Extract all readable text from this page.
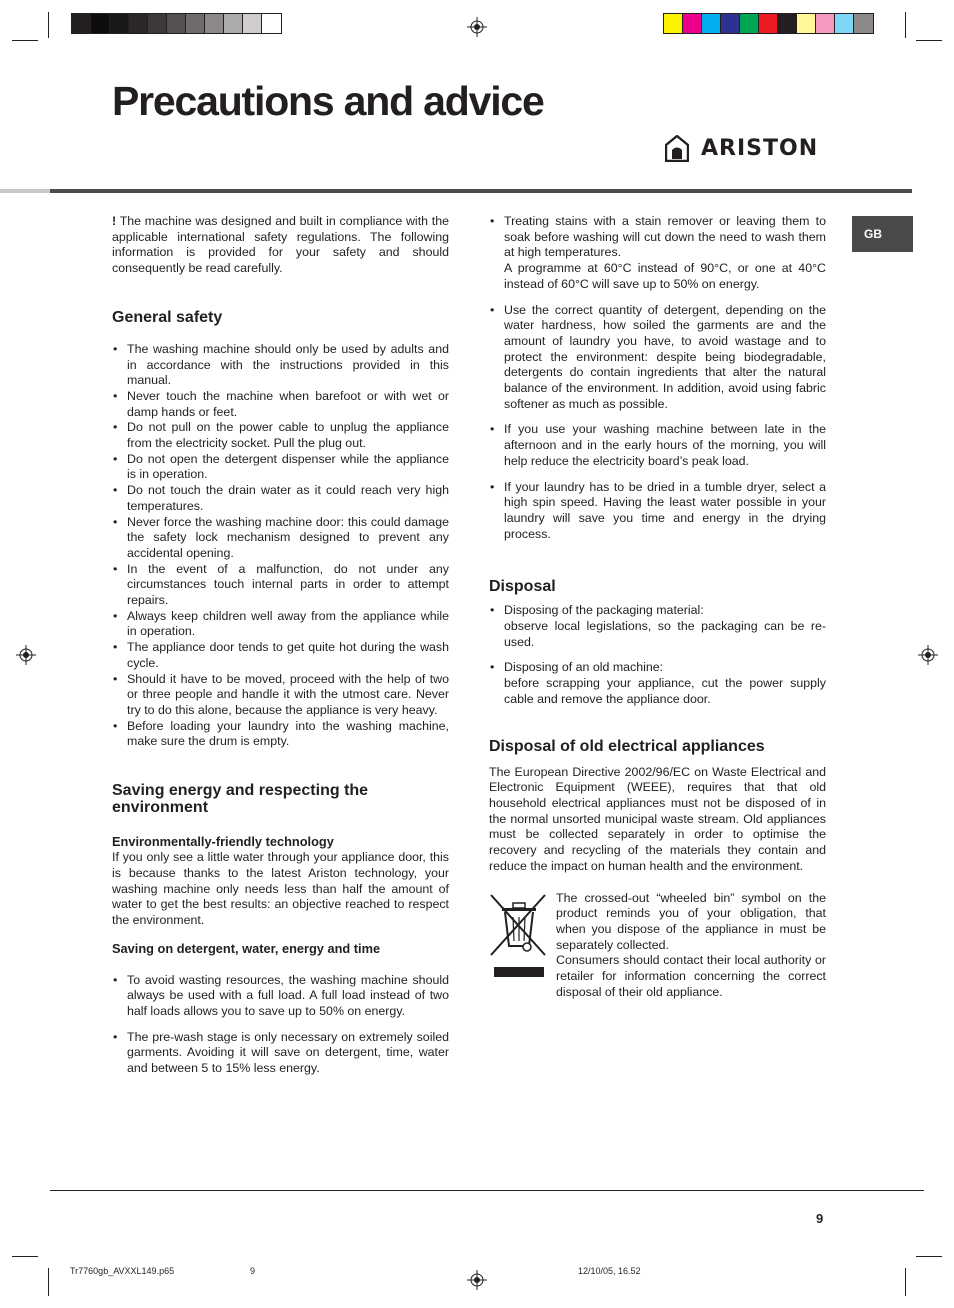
Precautions and advice
ARISTON
GB

! The machine was designed and built in compliance with the applicable international safety regulations. The following information is provided for your safety and should consequently be read carefully.

General safety
• The washing machine should only be used by adults and in accordance with the instructions provided in this manual.
• Never touch the machine when barefoot or with wet or damp hands or feet.
• Do not pull on the power cable to unplug the appliance from the electricity socket. Pull the plug out.
• Do not open the detergent dispenser while the appliance is in operation.
• Do not touch the drain water as it could reach very high temperatures.
• Never force the washing machine door: this could damage the safety lock mechanism designed to prevent any accidental opening.
• In the event of a malfunction, do not under any circumstances touch internal parts in order to attempt repairs.
• Always keep children well away from the appliance while in operation.
• The appliance door tends to get quite hot during the wash cycle.
• Should it have to be moved, proceed with the help of two or three people and handle it with the utmost care. Never try to do this alone, because the appliance is very heavy.
• Before loading your laundry into the washing machine, make sure the drum is empty.
Saving energy and respecting the environment
Environmentally-friendly technology

If you only see a little water through your appliance door, this is because thanks to the latest Ariston technology, your washing machine only needs less than half the amount of water to get the best results: an objective reached to respect the environment.

Saving on detergent, water, energy and time
• To avoid wasting resources, the washing machine should always be used with a full load. A full load instead of two half loads allows you to save up to 50% on energy.
• The pre-wash stage is only necessary on extremely soiled garments. Avoiding it will save on detergent, time, water and between 5 to 15% less energy.
• Treating stains with a stain remover or leaving them to soak before washing will cut down the need to wash them at high temperatures.
A programme at 60°C instead of 90°C, or one at 40°C instead of 60°C will save up to 50% on energy.
• Use the correct quantity of detergent, depending on the water hardness, how soiled the garments are and the amount of laundry you have, to avoid wastage and to protect the environment: despite being biodegradable, detergents do contain ingredients that alter the natural balance of the environment. In addition, avoid using fabric softener as much as possible.
• If you use your washing machine between late in the afternoon and in the early hours of the morning, you will help reduce the electricity board’s peak load.
• If your laundry has to be dried in a tumble dryer, select a high spin speed. Having the least water possible in your laundry will save you time and energy in the drying process.
Disposal
• Disposing of the packaging material:
observe local legislations, so the packaging can be re-used.
• Disposing of an old machine:
before scrapping your appliance, cut the power supply cable and remove the appliance door.
Disposal of old electrical appliances

The European Directive 2002/96/EC on Waste Electrical and Electronic Equipment (WEEE), requires that that old household electrical appliances must not be disposed of in the normal unsorted municipal waste stream. Old appliances must be collected separately in order to optimise the recovery and recycling of the materials they contain and reduce the impact on human health and the environment.

The crossed-out “wheeled bin” symbol on the product reminds you of your obligation, that when you dispose of the appliance in must be separately collected.

Consumers should contact their local authority or retailer for information concerning the correct disposal of their old appliance.

9
Tr7760gb_AVXXL149.p65	9	12/10/05, 16.52
